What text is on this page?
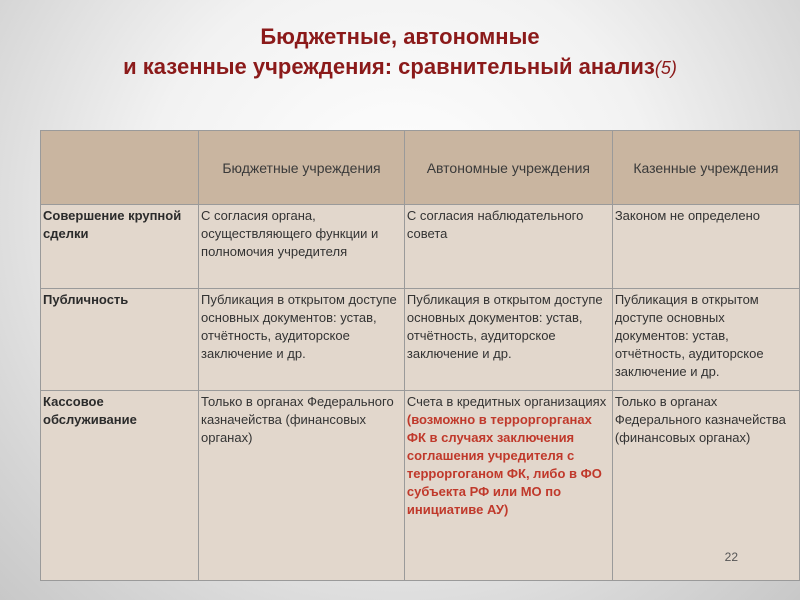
Бюджетные, автономные
и казенные учреждения: сравнительный анализ(5)
	Бюджетные учреждения	Автономные учреждения	Казенные учреждения
Совершение крупной сделки	С согласия органа, осуществляющего функции и полномочия учредителя	С согласия наблюдательного совета	Законом не определено
Публичность	Публикация в открытом доступе основных документов: устав, отчётность, аудиторское заключение и др.	Публикация в открытом доступе основных документов: устав, отчётность, аудиторское заключение и др.	Публикация в открытом доступе основных документов: устав, отчётность, аудиторское заключение и др.
Кассовое обслуживание	Только в органах Федерального казначейства (финансовых органах)	Счета в кредитных организациях (возможно в терроргорганах ФК в случаях заключения соглашения учредителя с терроргоганом ФК, либо в ФО субъекта РФ или МО по инициативе АУ)	Только в органах Федерального казначейства (финансовых органах)
22
